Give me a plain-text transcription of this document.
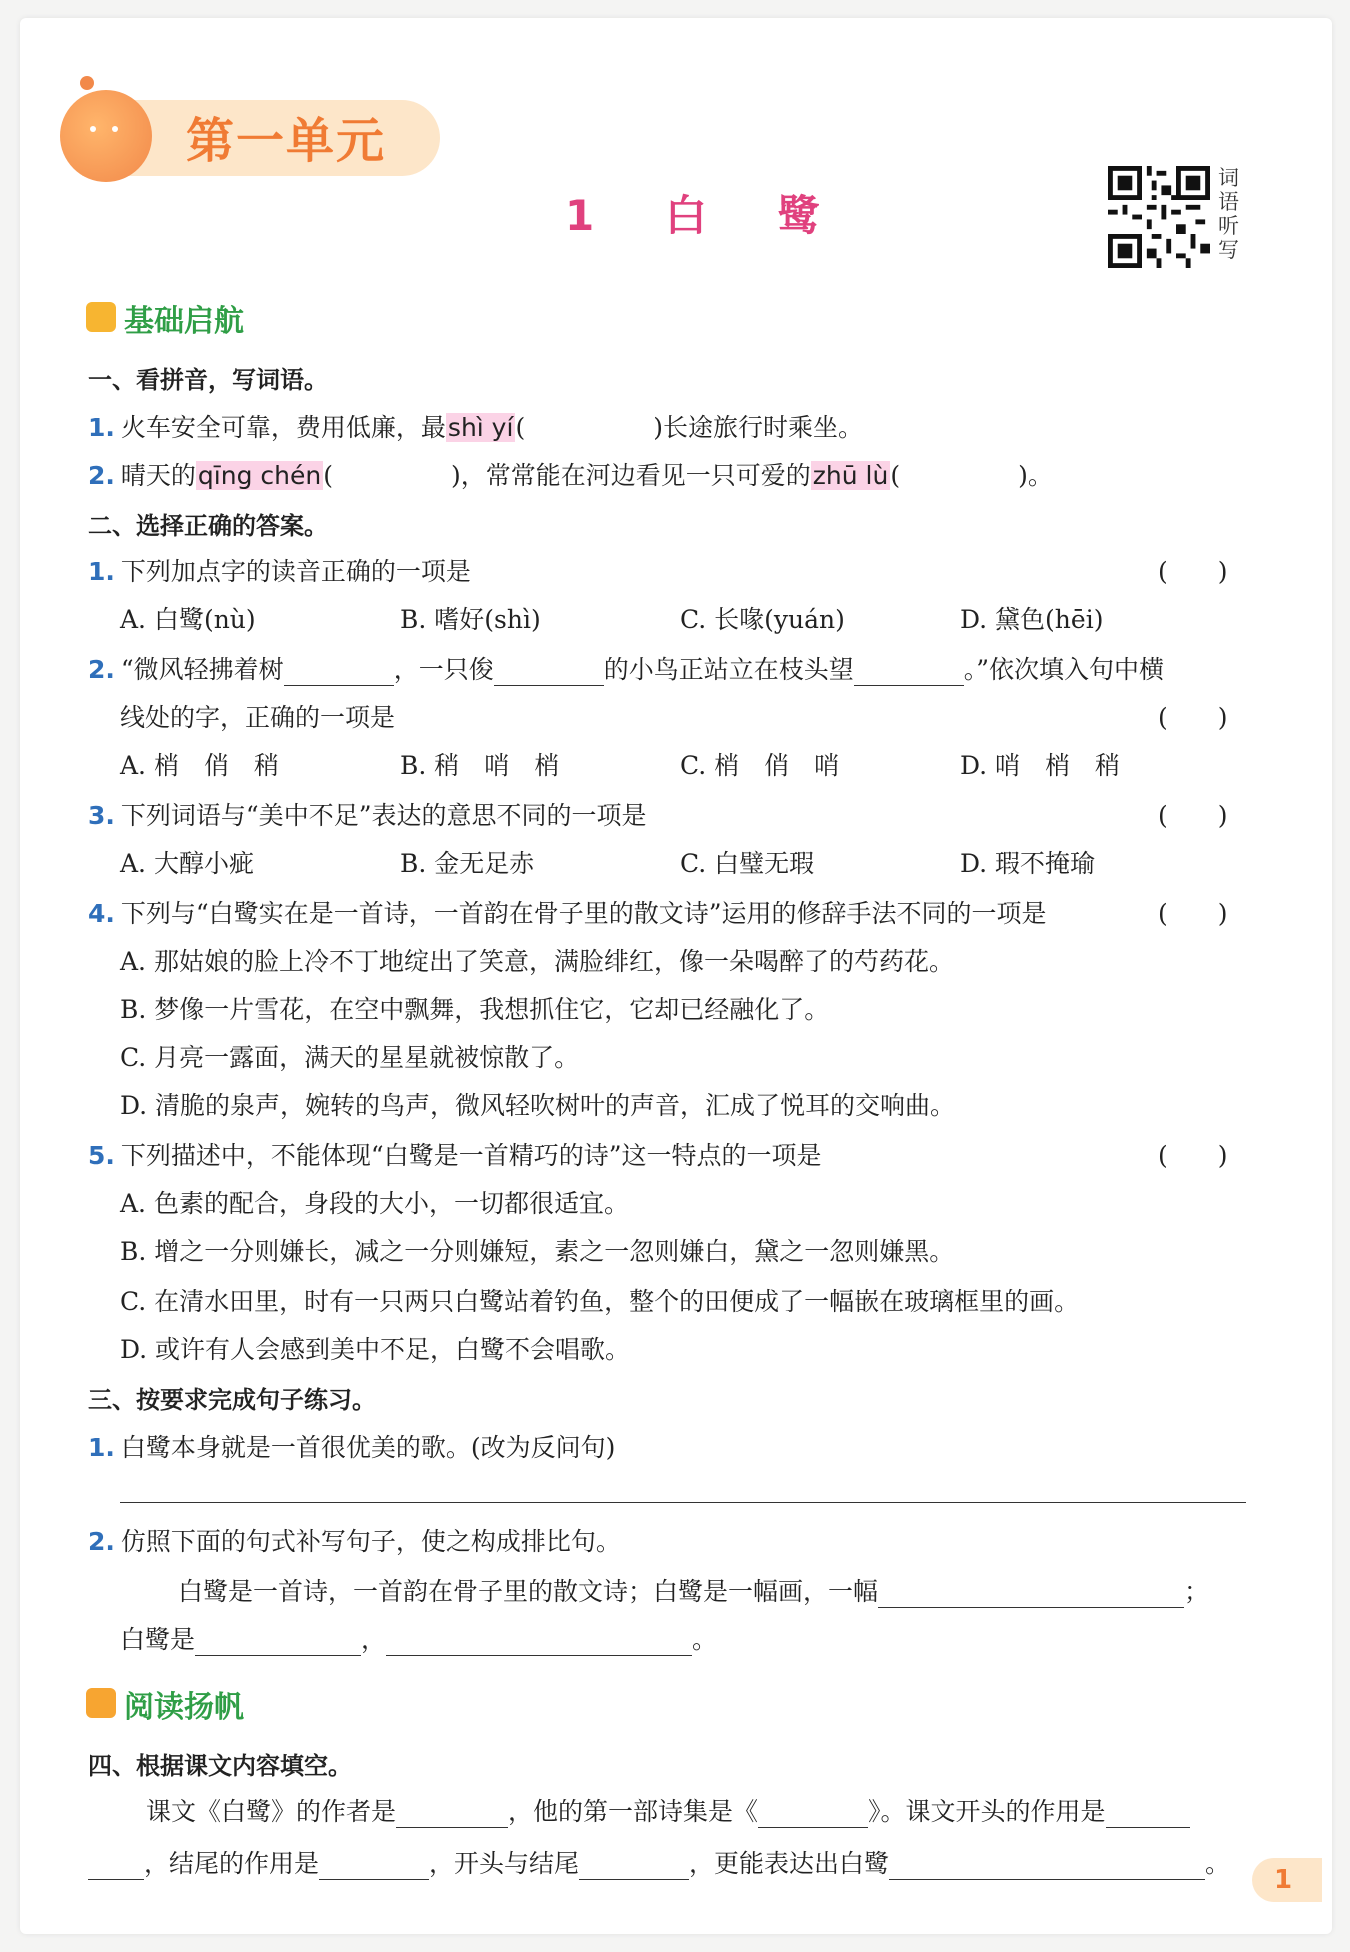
第一单元
1 白 鹭
词语听写
基础启航
一、看拼音，写词语。
1. 火车安全可靠，费用低廉，最shì yí(	)长途旅行时乘坐。
2. 晴天的qīng chén(	)，常常能在河边看见一只可爱的zhū lù(	)。
二、选择正确的答案。
1. 下列加点字的读音正确的一项是	(　　)
A. 白鹭(nù)	B. 嗜好(shì)	C. 长喙(yuán)	D. 黛色(hēi)
2. “微风轻拂着树	，一只俊	的小鸟正站立在枝头望	。”依次填入句中横
线处的字，正确的一项是	(　　)
A. 梢　俏　稍	B. 稍　哨　梢	C. 梢　俏　哨	D. 哨　梢　稍
3. 下列词语与“美中不足”表达的意思不同的一项是	(　　)
A. 大醇小疵	B. 金无足赤	C. 白璧无瑕	D. 瑕不掩瑜
4. 下列与“白鹭实在是一首诗，一首韵在骨子里的散文诗”运用的修辞手法不同的一项是	(　　)
A. 那姑娘的脸上冷不丁地绽出了笑意，满脸绯红，像一朵喝醉了的芍药花。
B. 梦像一片雪花，在空中飘舞，我想抓住它，它却已经融化了。
C. 月亮一露面，满天的星星就被惊散了。
D. 清脆的泉声，婉转的鸟声，微风轻吹树叶的声音，汇成了悦耳的交响曲。
5. 下列描述中，不能体现“白鹭是一首精巧的诗”这一特点的一项是	(　　)
A. 色素的配合，身段的大小，一切都很适宜。
B. 增之一分则嫌长，减之一分则嫌短，素之一忽则嫌白，黛之一忽则嫌黑。
C. 在清水田里，时有一只两只白鹭站着钓鱼，整个的田便成了一幅嵌在玻璃框里的画。
D. 或许有人会感到美中不足，白鹭不会唱歌。
三、按要求完成句子练习。
1. 白鹭本身就是一首很优美的歌。(改为反问句)
2. 仿照下面的句式补写句子，使之构成排比句。
白鹭是一首诗，一首韵在骨子里的散文诗；白鹭是一幅画，一幅	；
白鹭是	，	。
阅读扬帆
四、根据课文内容填空。
课文《白鹭》的作者是	，他的第一部诗集是《	》。课文开头的作用是
，结尾的作用是	，开头与结尾	，更能表达出白鹭	。
1
